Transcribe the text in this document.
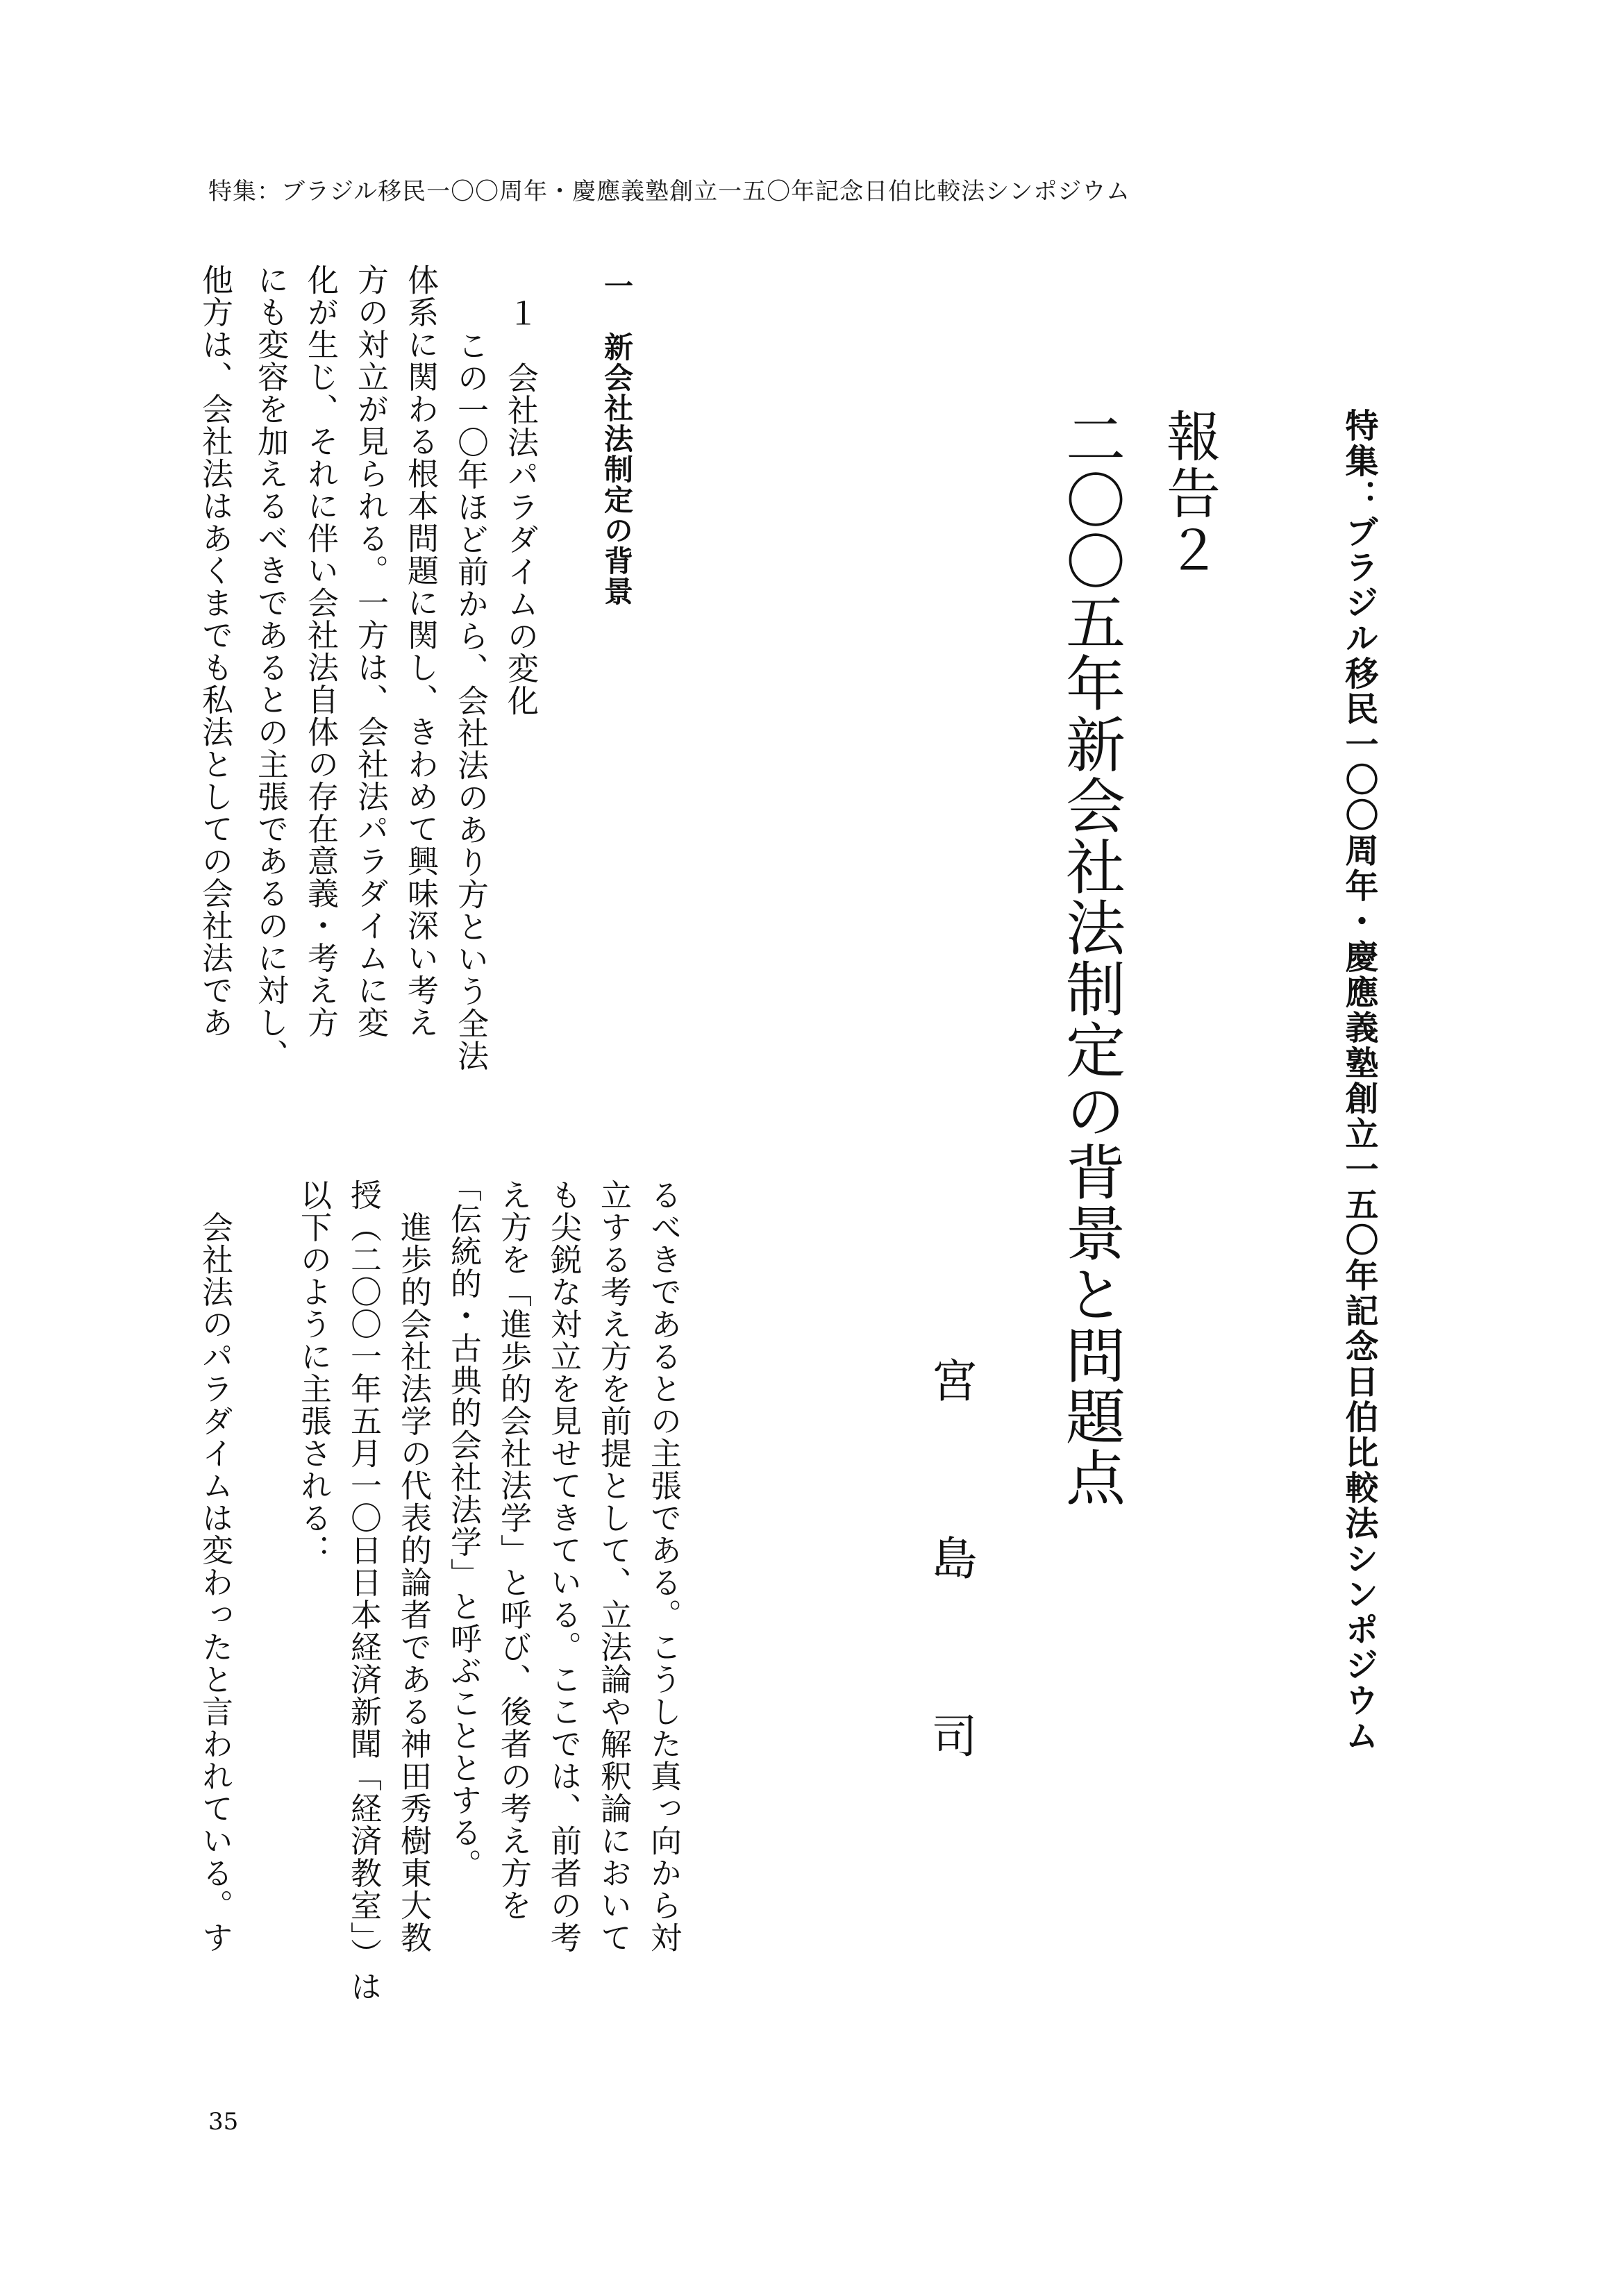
特集：ブラジル移民一〇〇周年・慶應義塾創立一五〇年記念日伯比較法シンポジウム
特集：ブラジル移民一〇〇周年・慶應義塾創立一五〇年記念日伯比較法シンポジウム
報告２
二〇〇五年新会社法制定の背景と問題点
宮島司
るべきであるとの主張である。こうした真っ向から対
立する考え方を前提として、立法論や解釈論において
も尖鋭な対立を見せてきている。ここでは、前者の考
え方を「進歩的会社法学」と呼び、後者の考え方を
「伝統的・古典的会社法学」と呼ぶこととする。
　進歩的会社法学の代表的論者である神田秀樹東大教
授（二〇〇一年五月一〇日日本経済新聞「経済教室」）は
以下のように主張される：
　会社法のパラダイムは変わったと言われている。す
一　新会社法制定の背景
１　会社法パラダイムの変化
　この一〇年ほど前から、会社法のあり方という全法
体系に関わる根本問題に関し、きわめて興味深い考え
方の対立が見られる。一方は、会社法パラダイムに変
化が生じ、それに伴い会社法自体の存在意義・考え方
にも変容を加えるべきであるとの主張であるのに対し、
他方は、会社法はあくまでも私法としての会社法であ
35
